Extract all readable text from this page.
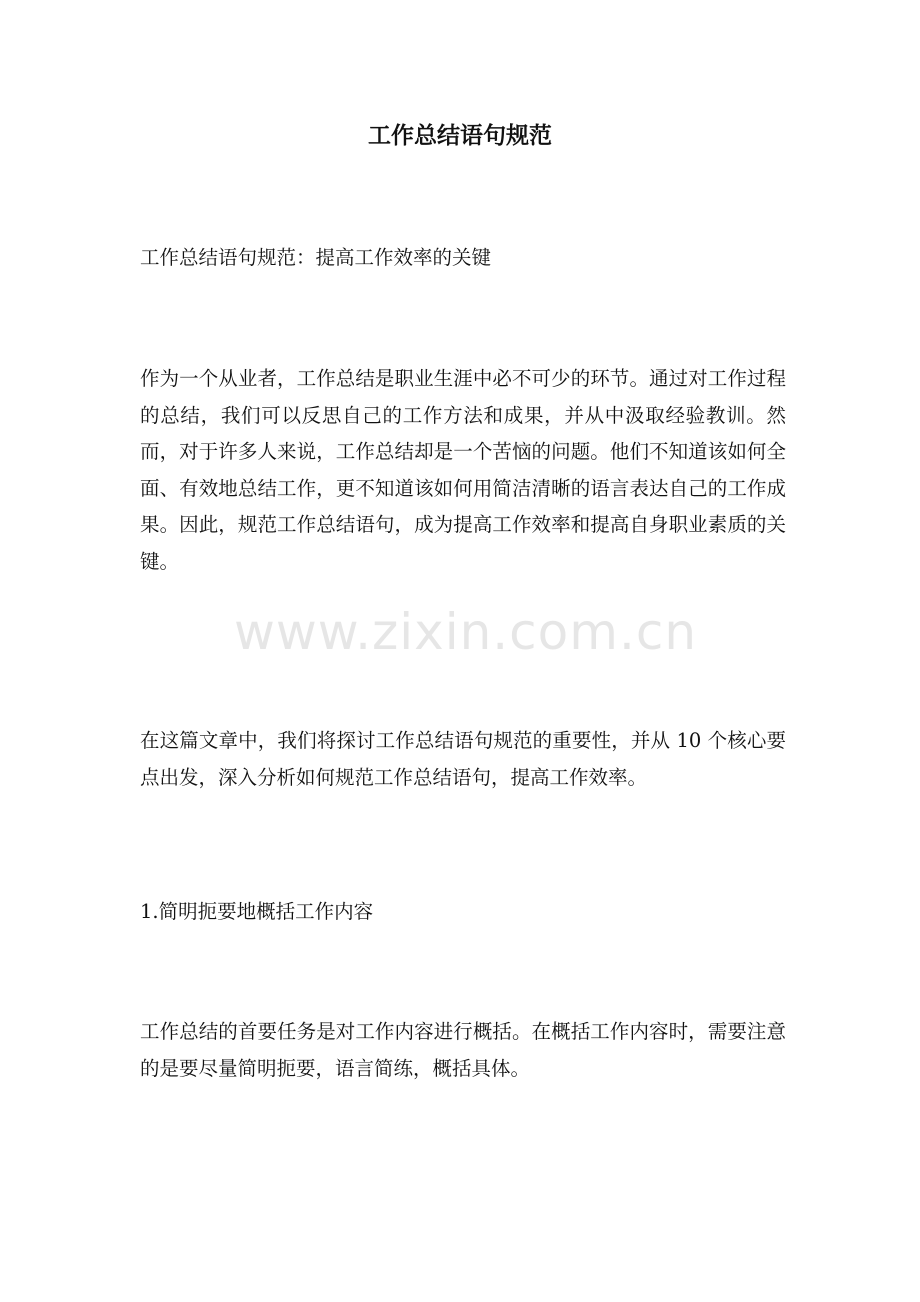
工作总结语句规范

工作总结语句规范：提高工作效率的关键

作为一个从业者，工作总结是职业生涯中必不可少的环节。通过对工作过程的总结，我们可以反思自己的工作方法和成果，并从中汲取经验教训。然而，对于许多人来说，工作总结却是一个苦恼的问题。他们不知道该如何全面、有效地总结工作，更不知道该如何用简洁清晰的语言表达自己的工作成果。因此，规范工作总结语句，成为提高工作效率和提高自身职业素质的关键。

在这篇文章中，我们将探讨工作总结语句规范的重要性，并从 10 个核心要点出发，深入分析如何规范工作总结语句，提高工作效率。

1.简明扼要地概括工作内容

工作总结的首要任务是对工作内容进行概括。在概括工作内容时，需要注意的是要尽量简明扼要，语言简练，概括具体。

www.zixin.com.cn
